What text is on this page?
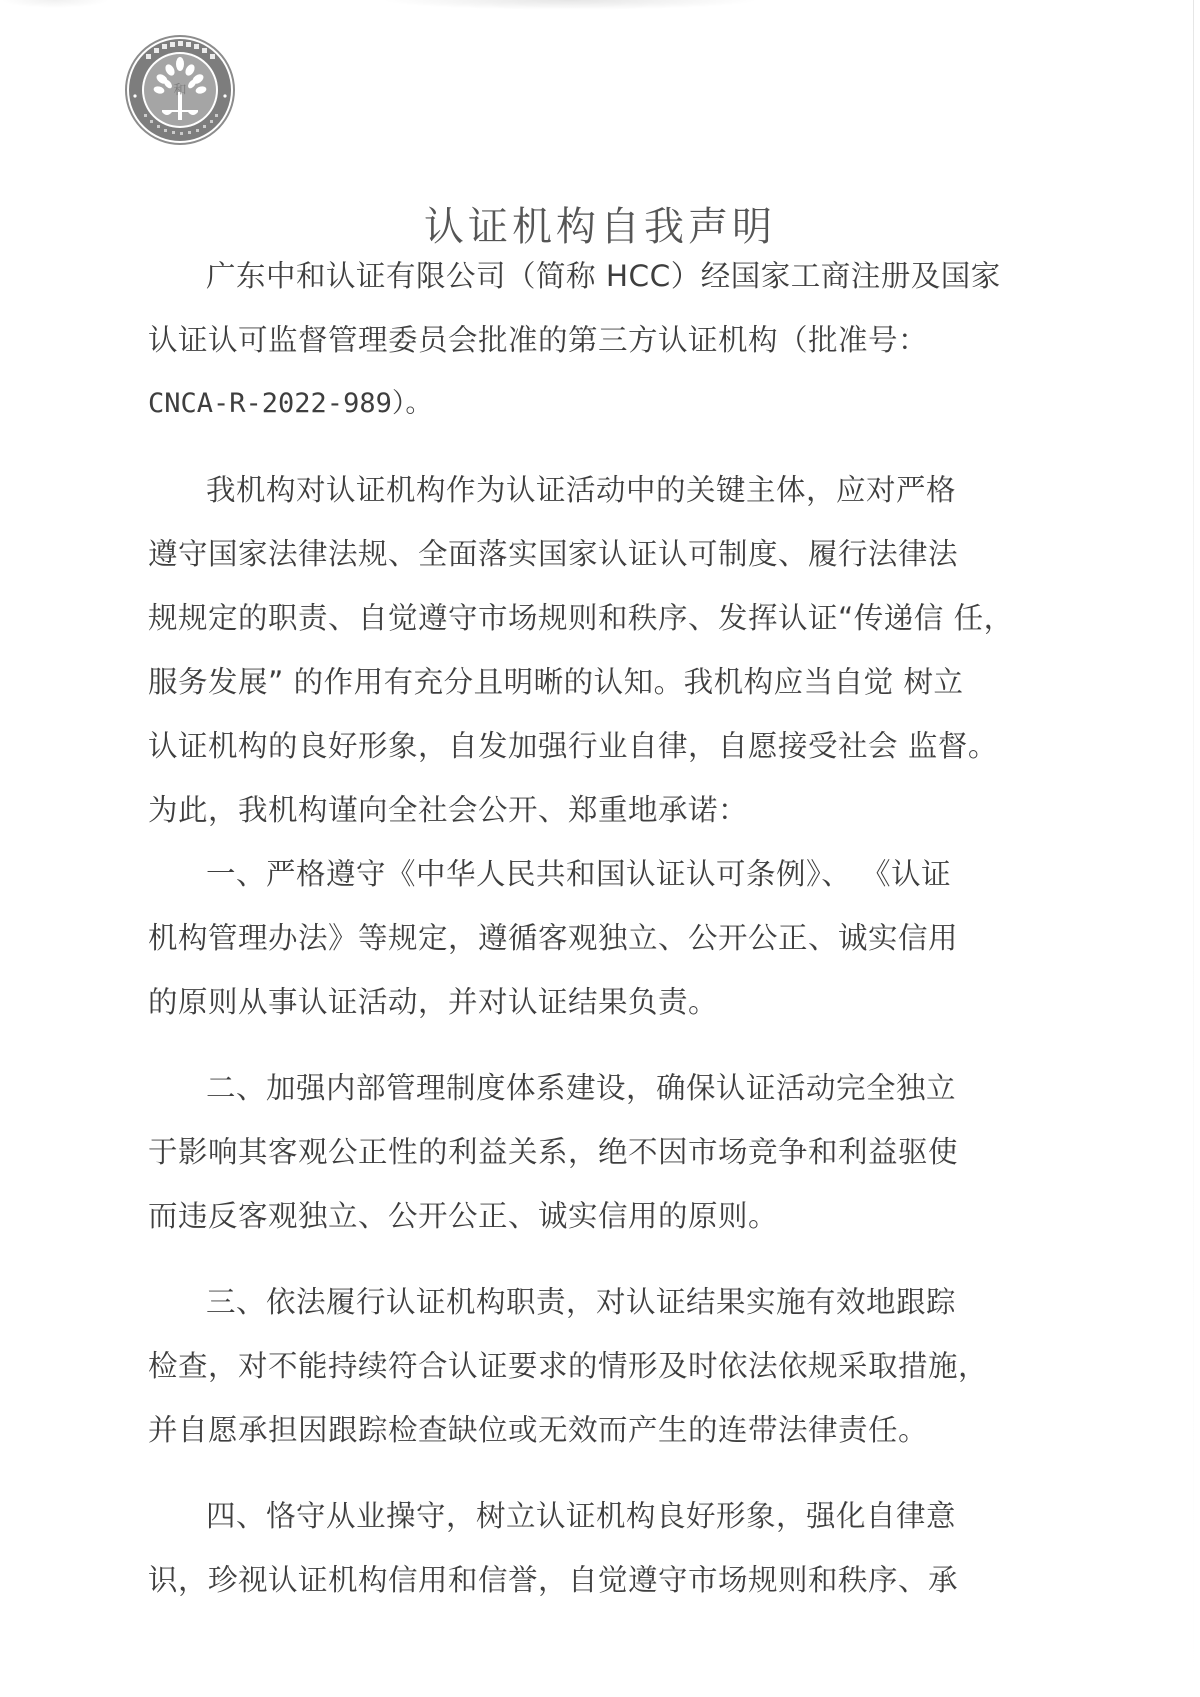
和
认证机构自我声明
广东中和认证有限公司（简称 HCC）经国家工商注册及国家
认证认可监督管理委员会批准的第三方认证机构（批准号：
CNCA-R-2022-989）。
我机构对认证机构作为认证活动中的关键主体，应对严格
遵守国家法律法规、全面落实国家认证认可制度、履行法律法
规规定的职责、自觉遵守市场规则和秩序、发挥认证“传递信 任，
服务发展” 的作用有充分且明晰的认知。我机构应当自觉 树立
认证机构的良好形象，自发加强行业自律，自愿接受社会 监督。
为此，我机构谨向全社会公开、郑重地承诺：
一、严格遵守《中华人民共和国认证认可条例》、 《认证
机构管理办法》等规定，遵循客观独立、公开公正、诚实信用
的原则从事认证活动，并对认证结果负责。
二、加强内部管理制度体系建设，确保认证活动完全独立
于影响其客观公正性的利益关系，绝不因市场竞争和利益驱使
而违反客观独立、公开公正、诚实信用的原则。
三、依法履行认证机构职责，对认证结果实施有效地跟踪
检查，对不能持续符合认证要求的情形及时依法依规采取措施，
并自愿承担因跟踪检查缺位或无效而产生的连带法律责任。
四、恪守从业操守，树立认证机构良好形象，强化自律意
识，珍视认证机构信用和信誉，自觉遵守市场规则和秩序、承
